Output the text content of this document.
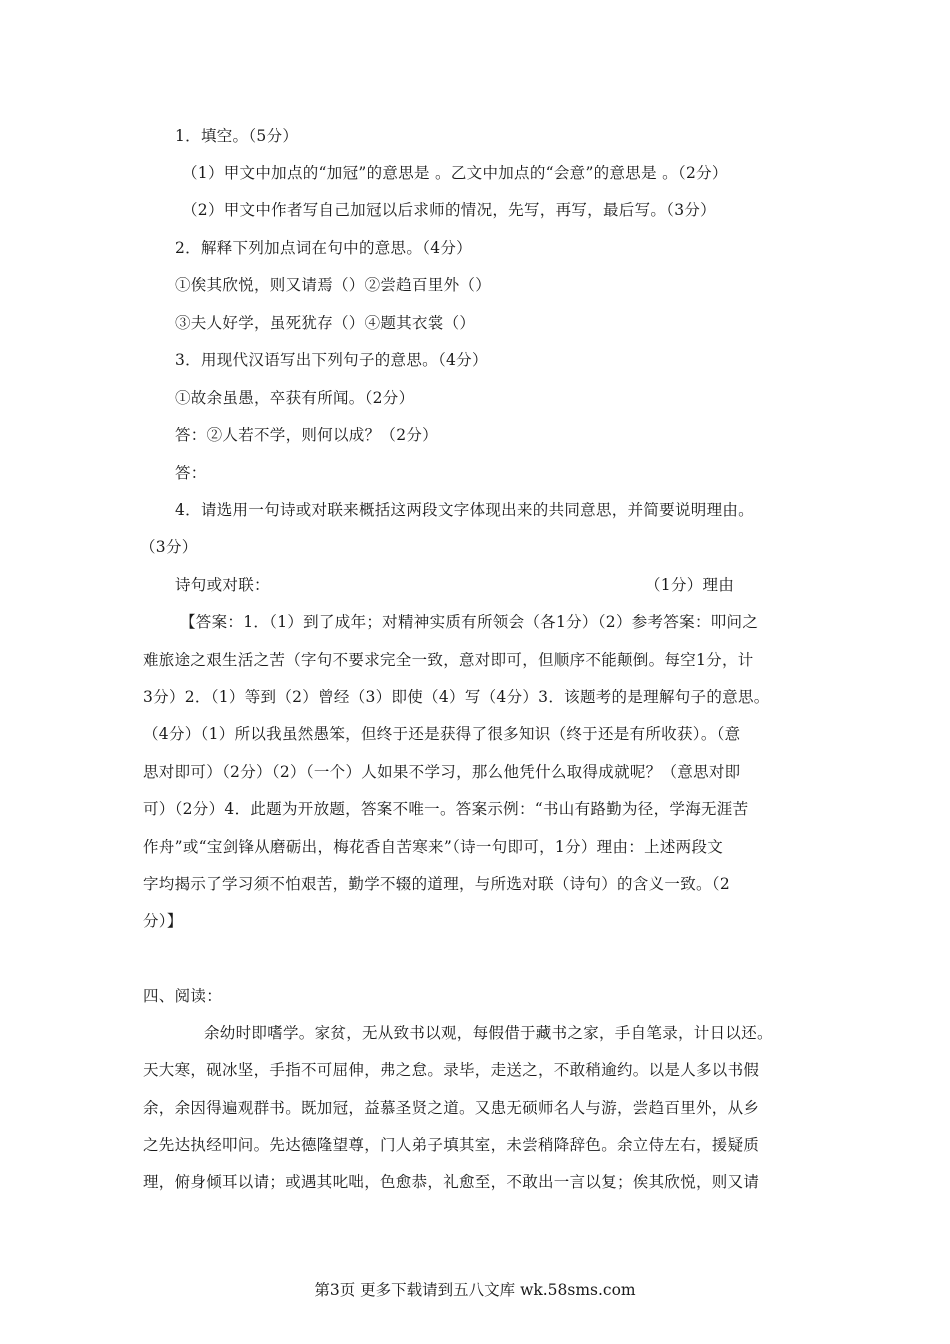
1．填空。（5分）
（1）甲文中加点的“加冠”的意思是 。乙文中加点的“会意”的意思是 。（2分）
（2）甲文中作者写自己加冠以后求师的情况，先写，再写，最后写。（3分）
2．解释下列加点词在句中的意思。（4分）
①俟其欣悦，则又请焉（）②尝趋百里外（）
③夫人好学，虽死犹存（）④题其衣裳（）
3．用现代汉语写出下列句子的意思。（4分）
①故余虽愚，卒获有所闻。（2分）
答：②人若不学，则何以成？（2分）
答：
4．请选用一句诗或对联来概括这两段文字体现出来的共同意思，并简要说明理由。
（3分）
诗句或对联：	（1分）理由
【答案：1．（1）到了成年；对精神实质有所领会（各1分）（2）参考答案：叩问之
难旅途之艰生活之苦（字句不要求完全一致，意对即可，但顺序不能颠倒。每空1分，计
3分）2．（1）等到（2）曾经（3）即使（4）写（4分）3．该题考的是理解句子的意思。
（4分）（1）所以我虽然愚笨，但终于还是获得了很多知识（终于还是有所收获）。（意
思对即可）（2分）（2）（一个）人如果不学习，那么他凭什么取得成就呢？（意思对即
可）（2分）4．此题为开放题，答案不唯一。答案示例：“书山有路勤为径，学海无涯苦
作舟”或“宝剑锋从磨砺出，梅花香自苦寒来”（诗一句即可，1分）理由：上述两段文
字均揭示了学习须不怕艰苦，勤学不辍的道理，与所选对联（诗句）的含义一致。（2
分）】
四、阅读：
余幼时即嗜学。家贫，无从致书以观，每假借于藏书之家，手自笔录，计日以还。
天大寒，砚冰坚，手指不可屈伸，弗之怠。录毕，走送之，不敢稍逾约。以是人多以书假
余，余因得遍观群书。既加冠，益慕圣贤之道。又患无硕师名人与游，尝趋百里外，从乡
之先达执经叩问。先达德隆望尊，门人弟子填其室，未尝稍降辞色。余立侍左右，援疑质
理，俯身倾耳以请；或遇其叱咄，色愈恭，礼愈至，不敢出一言以复；俟其欣悦，则又请
第3页 更多下载请到五八文库 wk.58sms.com
